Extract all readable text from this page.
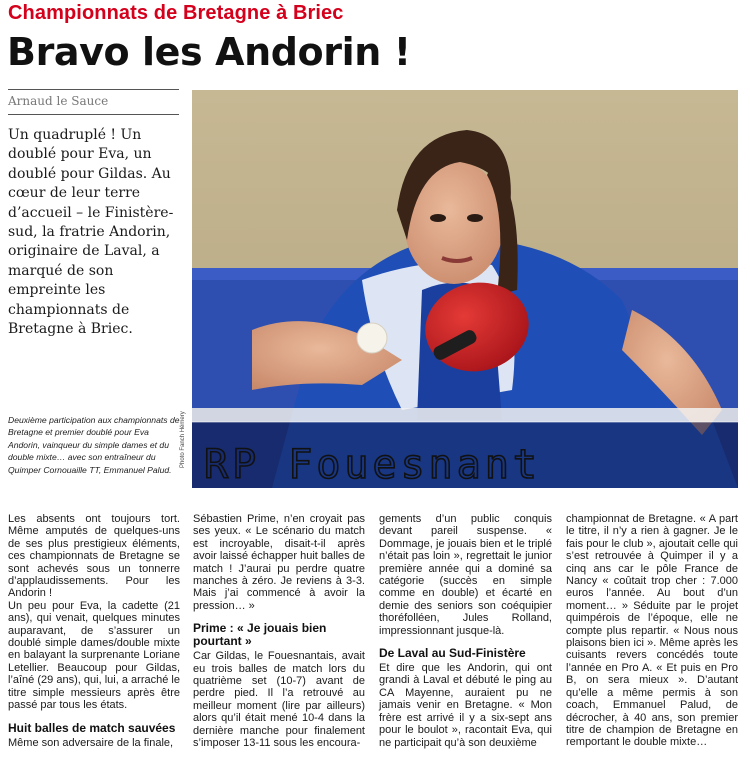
Championnats de Bretagne à Briec
Bravo les Andorin !
Arnaud le Sauce
Un quadruplé ! Un doublé pour Eva, un doublé pour Gildas. Au cœur de leur terre d’accueil – le Finistère-sud, la fratrie Andorin, originaire de Laval, a marqué de son empreinte les championnats de Bretagne à Briec.
Deuxième participation aux championnats de Bretagne et premier doublé pour Eva Andorin, vainqueur du simple dames et du double mixte… avec son entraîneur du Quimper Cornouaille TT, Emmanuel Palud.
Photo Fanch Hémery RP Fouesnant

Les absents ont toujours tort. Même amputés de quelques-uns de ses plus prestigieux éléments, ces championnats de Bretagne se sont achevés sous un tonnerre d’applaudissements. Pour les Andorin !

Un peu pour Eva, la cadette (21 ans), qui venait, quelques minutes auparavant, de s’assurer un doublé simple dames/double mixte en balayant la surprenante Loriane Letellier. Beaucoup pour Gildas, l’aîné (29 ans), qui, lui, a arraché le titre simple messieurs après être passé par tous les états.

Huit balles de match sauvées

Même son adversaire de la finale,

Sébastien Prime, n’en croyait pas ses yeux. « Le scénario du match est incroyable, disait-t-il après avoir laissé échapper huit balles de match ! J’aurai pu perdre quatre manches à zéro. Je reviens à 3-3. Mais j’ai commencé à avoir la pression… »

Prime : « Je jouais bien pourtant »

Car Gildas, le Fouesnantais, avait eu trois balles de match lors du quatrième set (10-7) avant de perdre pied. Il l’a retrouvé au meilleur moment (lire par ailleurs) alors qu’il était mené 10-4 dans la dernière manche pour finalement s’imposer 13-11 sous les encoura-

gements d’un public conquis devant pareil suspense. « Dommage, je jouais bien et le triplé n’était pas loin », regrettait le junior première année qui a dominé sa catégorie (succès en simple comme en double) et écarté en demie des seniors son coéquipier thoréfolléen, Jules Rolland, impressionnant jusque-là.

De Laval au Sud-Finistère

Et dire que les Andorin, qui ont grandi à Laval et débuté le ping au CA Mayenne, auraient pu ne jamais venir en Bretagne. « Mon frère est arrivé il y a six-sept ans pour le boulot », racontait Eva, qui ne participait qu’à son deuxième

championnat de Bretagne. « A part le titre, il n’y a rien à gagner. Je le fais pour le club », ajoutait celle qui s’est retrouvée à Quimper il y a cinq ans car le pôle France de Nancy « coûtait trop cher : 7.000 euros l’année. Au bout d’un moment… » Séduite par le projet quimpérois de l’époque, elle ne compte plus repartir. « Nous nous plaisons bien ici ». Même après les cuisants revers concédés toute l’année en Pro A. « Et puis en Pro B, on sera mieux ». D’autant qu’elle a même permis à son coach, Emmanuel Palud, de décrocher, à 40 ans, son premier titre de champion de Bretagne en remportant le double mixte…
